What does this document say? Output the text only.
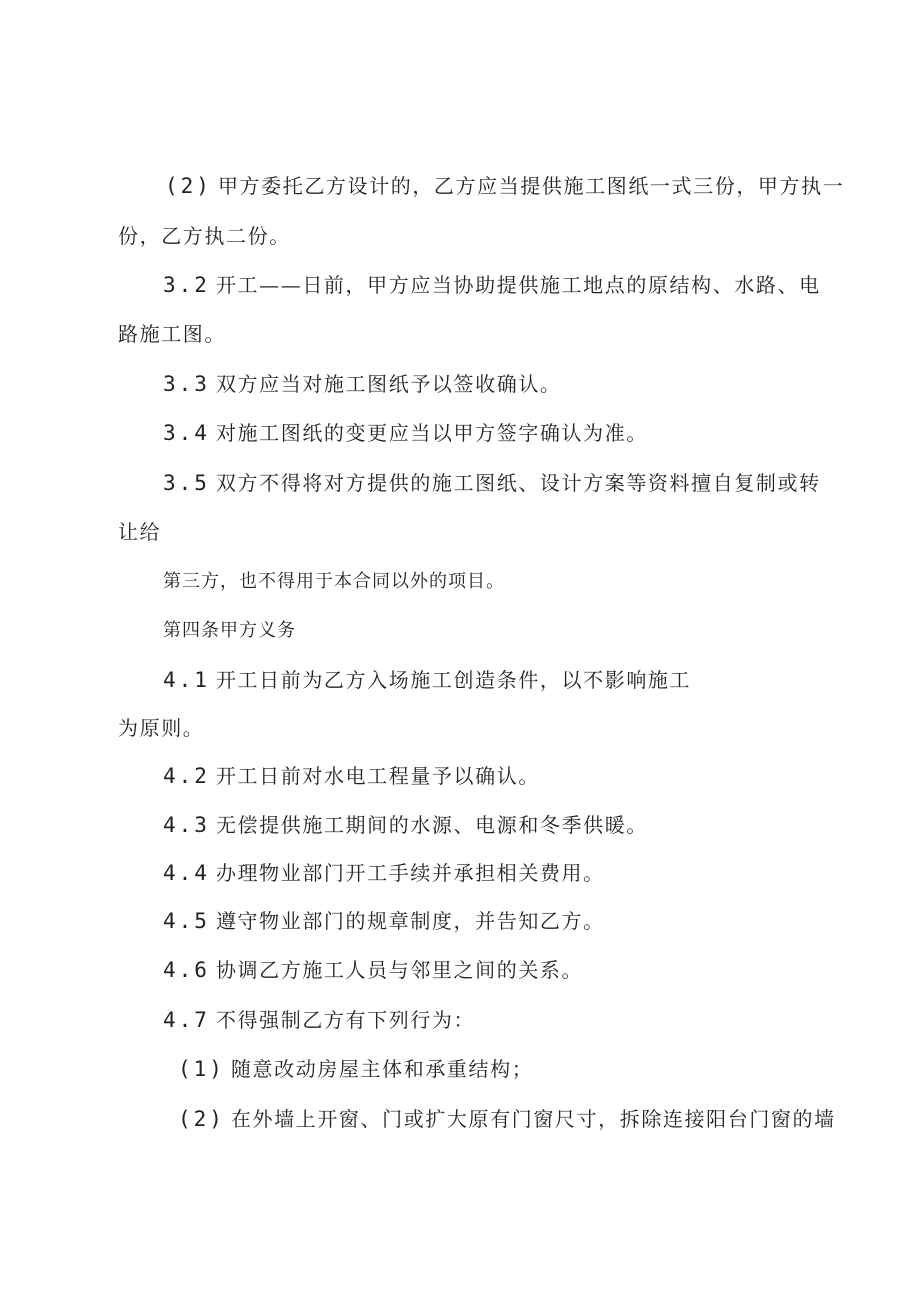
(2) 甲方委托乙方设计的，乙方应当提供施工图纸一式三份，甲方执一
份，乙方执二份。
3.2 开工——日前，甲方应当协助提供施工地点的原结构、水路、电
路施工图。
3.3 双方应当对施工图纸予以签收确认。
3.4 对施工图纸的变更应当以甲方签字确认为准。
3.5 双方不得将对方提供的施工图纸、设计方案等资料擅自复制或转
让给
第三方，也不得用于本合同以外的项目。
第四条甲方义务
4.1 开工日前为乙方入场施工创造条件，以不影响施工
为原则。
4.2 开工日前对水电工程量予以确认。
4.3 无偿提供施工期间的水源、电源和冬季供暖。
4.4 办理物业部门开工手续并承担相关费用。
4.5 遵守物业部门的规章制度，并告知乙方。
4.6 协调乙方施工人员与邻里之间的关系。
4.7 不得强制乙方有下列行为：
(1) 随意改动房屋主体和承重结构；
(2) 在外墙上开窗、门或扩大原有门窗尺寸，拆除连接阳台门窗的墙
